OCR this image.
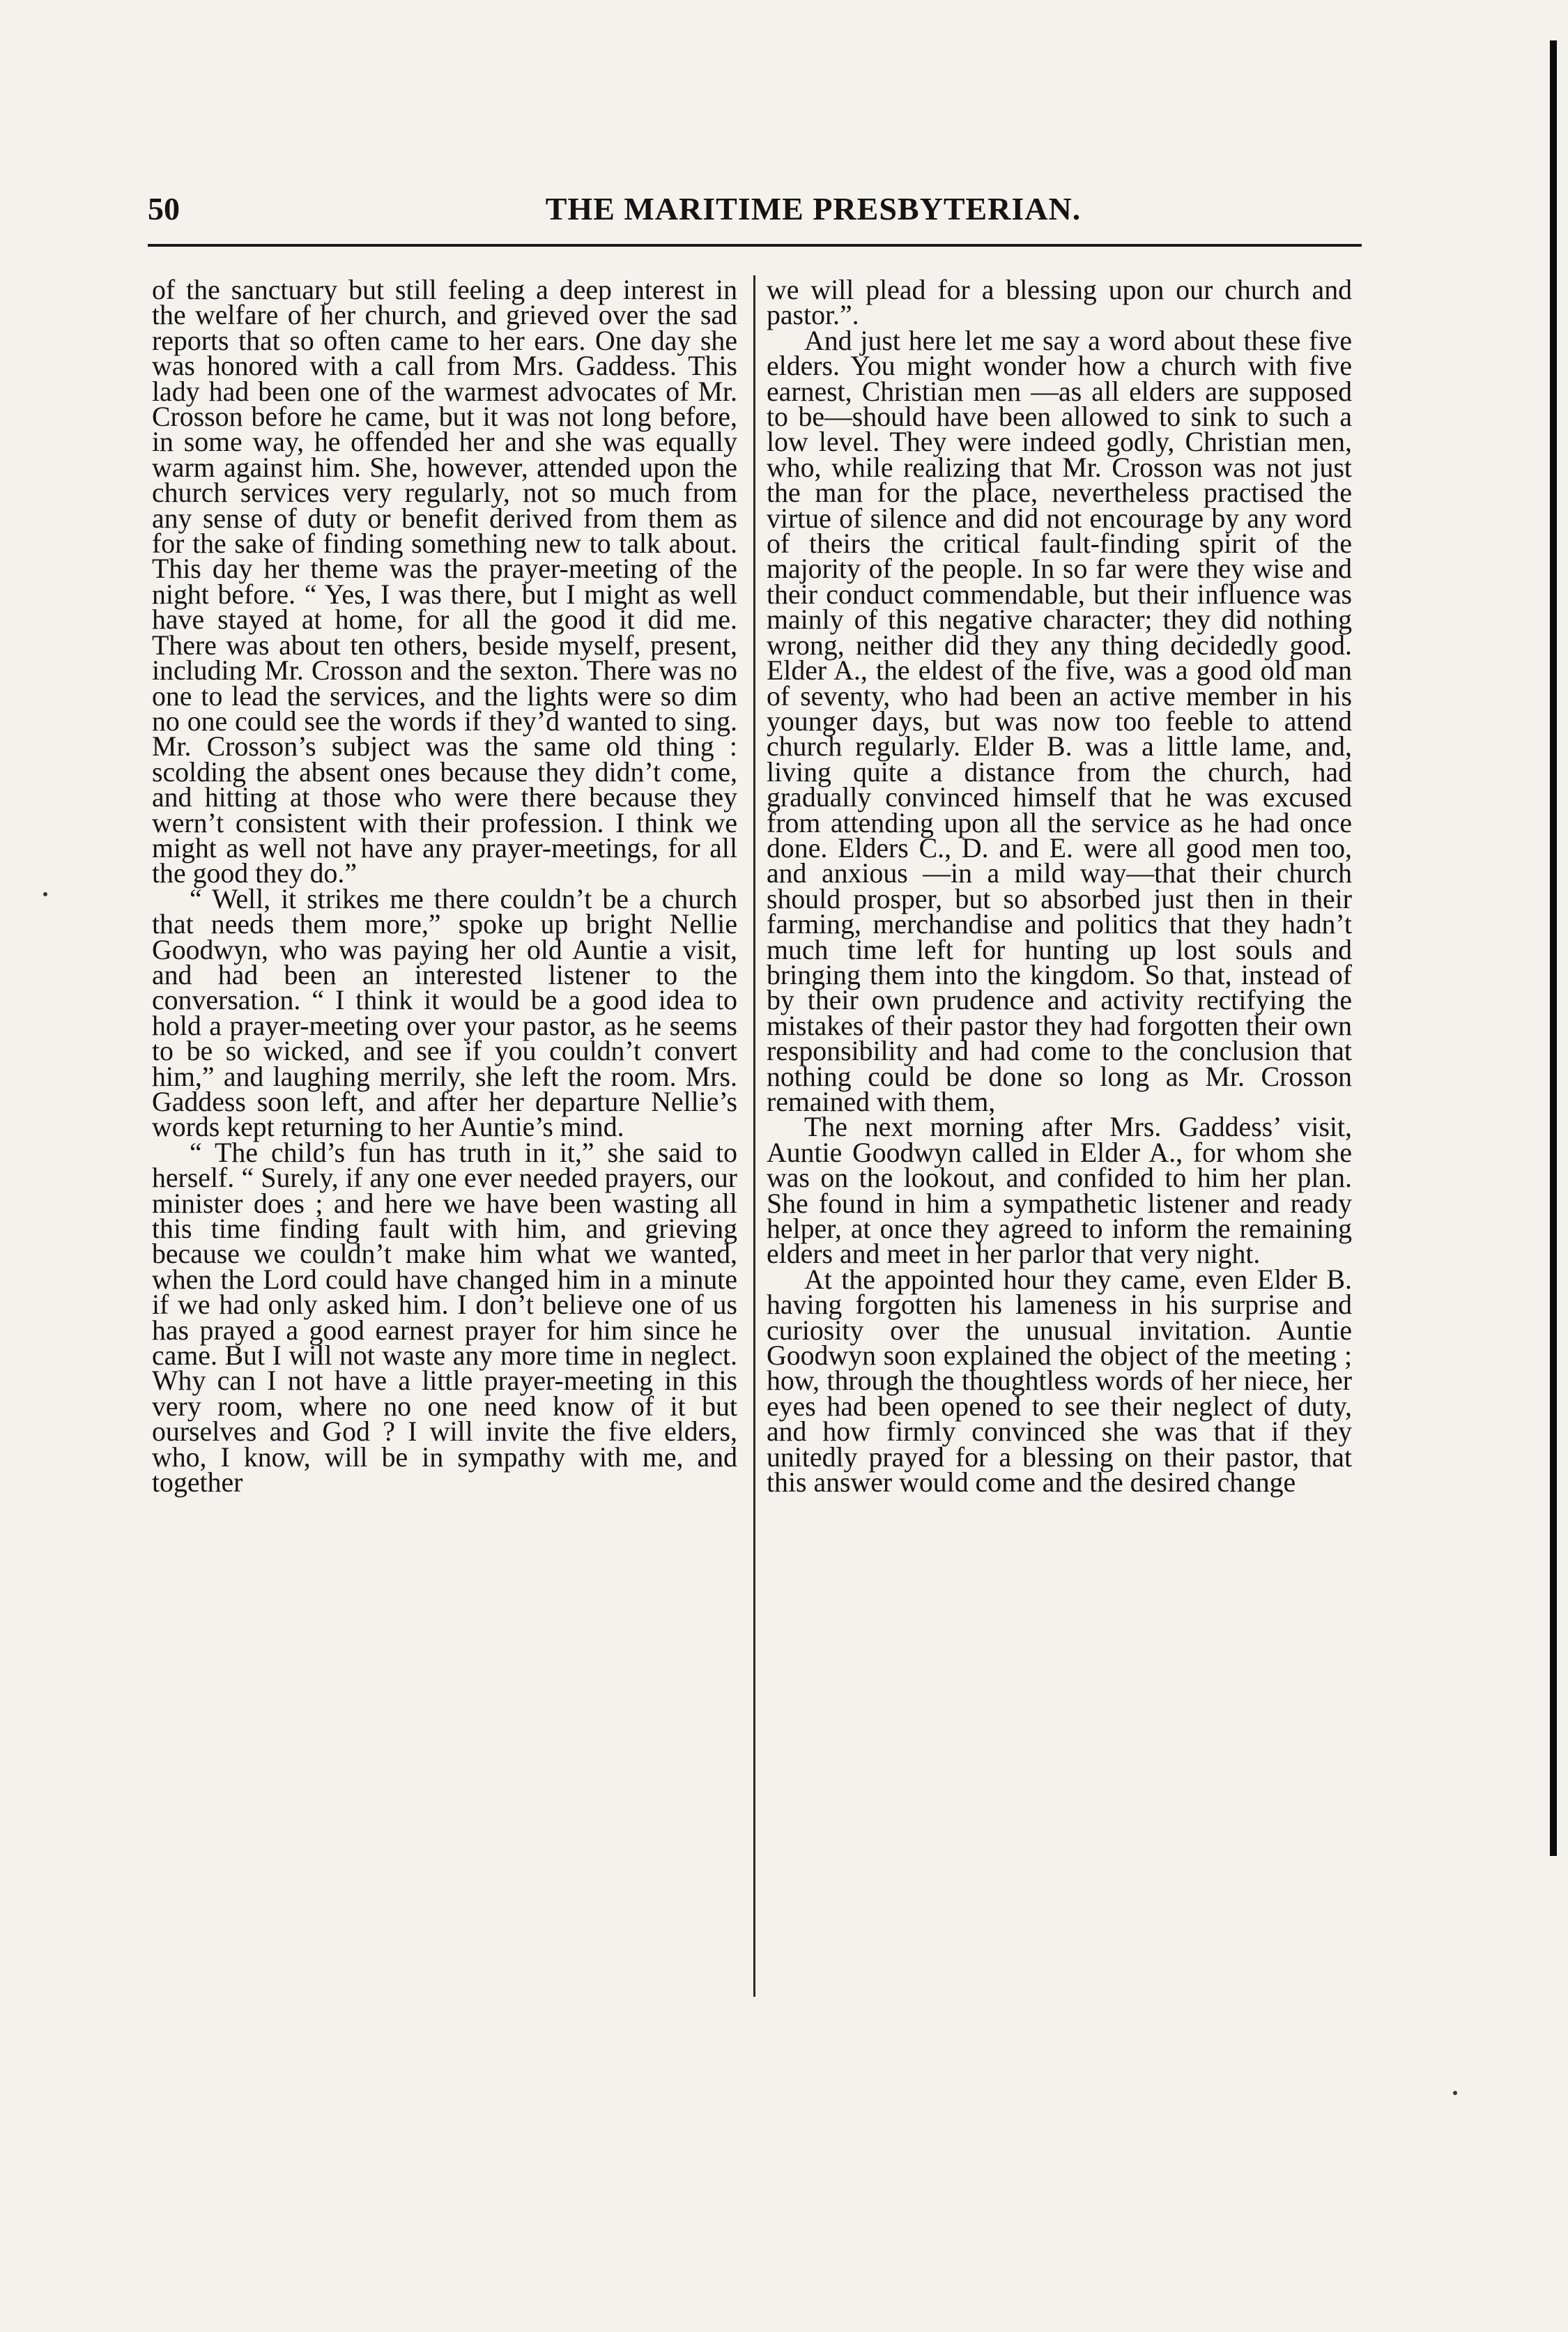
50	THE MARITIME PRESBYTERIAN.

of the sanctuary but still feeling a deep interest in the welfare of her church, and grieved over the sad reports that so often came to her ears. One day she was honored with a call from Mrs. Gaddess. This lady had been one of the warmest advocates of Mr. Crosson before he came, but it was not long before, in some way, he offended her and she was equally warm against him. She, however, attended upon the church services very regularly, not so much from any sense of duty or benefit derived from them as for the sake of finding something new to talk about. This day her theme was the prayer-meeting of the night before. “ Yes, I was there, but I might as well have stayed at home, for all the good it did me. There was about ten others, beside myself, present, including Mr. Crosson and the sexton. There was no one to lead the services, and the lights were so dim no one could see the words if they’d wanted to sing. Mr. Crosson’s subject was the same old thing : scolding the absent ones because they didn’t come, and hitting at those who were there because they wern’t consistent with their profession. I think we might as well not have any prayer-meetings, for all the good they do.”

“ Well, it strikes me there couldn’t be a church that needs them more,” spoke up bright Nellie Goodwyn, who was paying her old Auntie a visit, and had been an interested listener to the conversation. “ I think it would be a good idea to hold a prayer-meeting over your pastor, as he seems to be so wicked, and see if you couldn’t convert him,” and laughing merrily, she left the room. Mrs. Gaddess soon left, and after her departure Nellie’s words kept returning to her Auntie’s mind.

“ The child’s fun has truth in it,” she said to herself. “ Surely, if any one ever needed prayers, our minister does ; and here we have been wasting all this time finding fault with him, and grieving because we couldn’t make him what we wanted, when the Lord could have changed him in a minute if we had only asked him. I don’t believe one of us has prayed a good earnest prayer for him since he came. But I will not waste any more time in neglect. Why can I not have a little prayer-meeting in this very room, where no one need know of it but ourselves and God ? I will invite the five elders, who, I know, will be in sympathy with me, and together

we will plead for a blessing upon our church and pastor.”.

And just here let me say a word about these five elders. You might wonder how a church with five earnest, Christian men —as all elders are supposed to be—should have been allowed to sink to such a low level. They were indeed godly, Christian men, who, while realizing that Mr. Crosson was not just the man for the place, nevertheless practised the virtue of silence and did not encourage by any word of theirs the critical fault-finding spirit of the majority of the people. In so far were they wise and their conduct commendable, but their influence was mainly of this negative character; they did nothing wrong, neither did they any thing decidedly good. Elder A., the eldest of the five, was a good old man of seventy, who had been an active member in his younger days, but was now too feeble to attend church regularly. Elder B. was a little lame, and, living quite a distance from the church, had gradually convinced himself that he was excused from attending upon all the service as he had once done. Elders C., D. and E. were all good men too, and anxious —in a mild way—that their church should prosper, but so absorbed just then in their farming, merchandise and politics that they hadn’t much time left for hunting up lost souls and bringing them into the kingdom. So that, instead of by their own prudence and activity rectifying the mistakes of their pastor they had forgotten their own responsibility and had come to the conclusion that nothing could be done so long as Mr. Crosson remained with them,

The next morning after Mrs. Gaddess’ visit, Auntie Goodwyn called in Elder A., for whom she was on the lookout, and confided to him her plan. She found in him a sympathetic listener and ready helper, at once they agreed to inform the remaining elders and meet in her parlor that very night.

At the appointed hour they came, even Elder B. having forgotten his lameness in his surprise and curiosity over the unusual invitation. Auntie Goodwyn soon explained the object of the meeting ; how, through the thoughtless words of her niece, her eyes had been opened to see their neglect of duty, and how firmly convinced she was that if they unitedly prayed for a blessing on their pastor, that this answer would come and the desired change
